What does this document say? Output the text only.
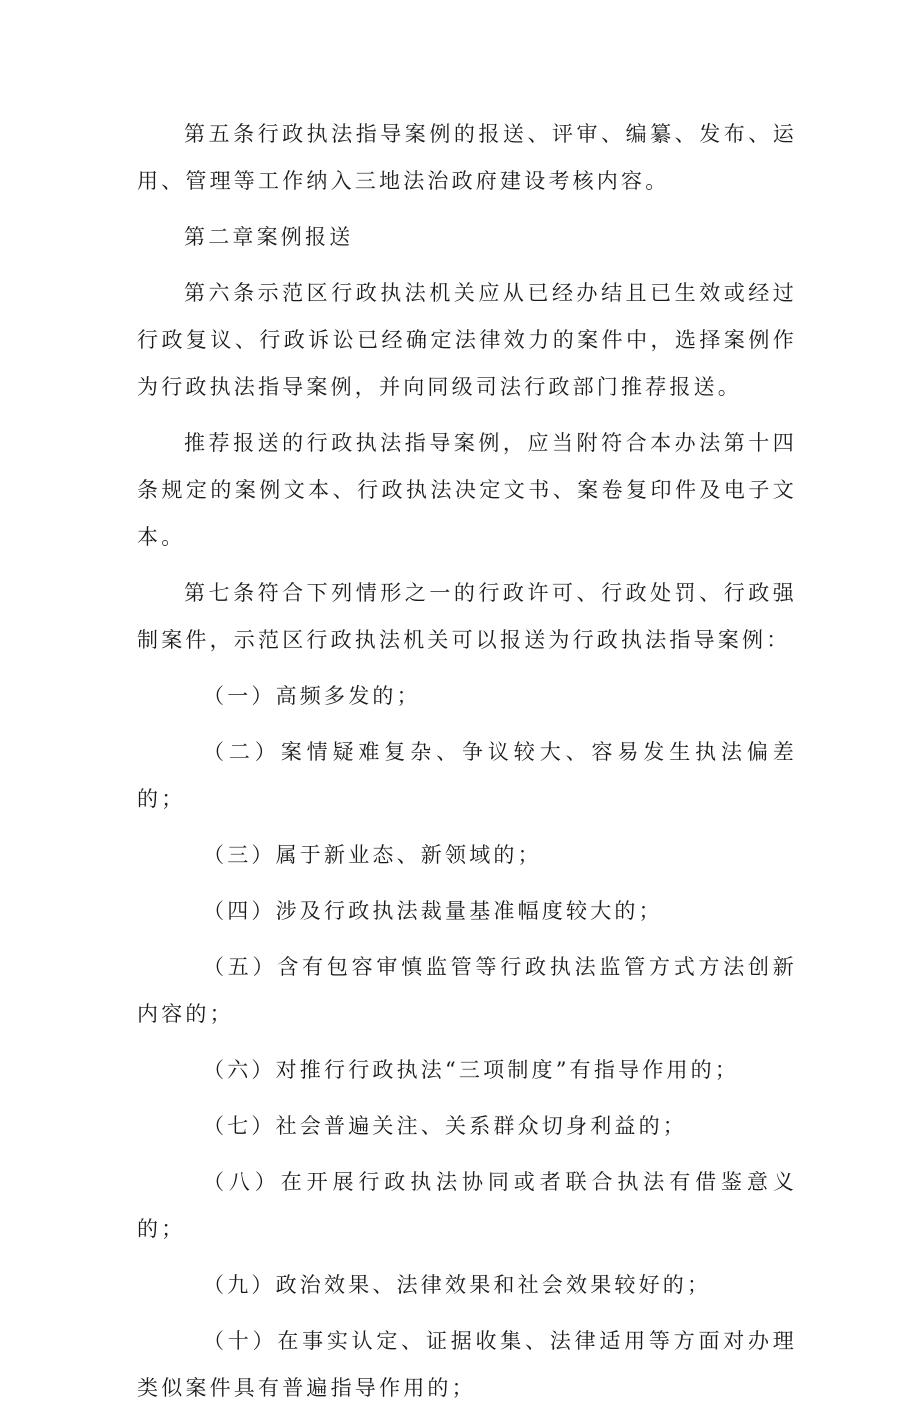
第五条行政执法指导案例的报送、评审、编纂、发布、运用、管理等工作纳入三地法治政府建设考核内容。

第二章案例报送

第六条示范区行政执法机关应从已经办结且已生效或经过行政复议、行政诉讼已经确定法律效力的案件中，选择案例作为行政执法指导案例，并向同级司法行政部门推荐报送。

推荐报送的行政执法指导案例，应当附符合本办法第十四条规定的案例文本、行政执法决定文书、案卷复印件及电子文本。

第七条符合下列情形之一的行政许可、行政处罚、行政强制案件，示范区行政执法机关可以报送为行政执法指导案例：

（一）高频多发的；

（二）案情疑难复杂、争议较大、容易发生执法偏差的；

（三）属于新业态、新领域的；

（四）涉及行政执法裁量基准幅度较大的；

（五）含有包容审慎监管等行政执法监管方式方法创新内容的；

（六）对推行行政执法“三项制度”有指导作用的；

（七）社会普遍关注、关系群众切身利益的；

（八）在开展行政执法协同或者联合执法有借鉴意义的；

（九）政治效果、法律效果和社会效果较好的；

（十）在事实认定、证据收集、法律适用等方面对办理类似案件具有普遍指导作用的；
